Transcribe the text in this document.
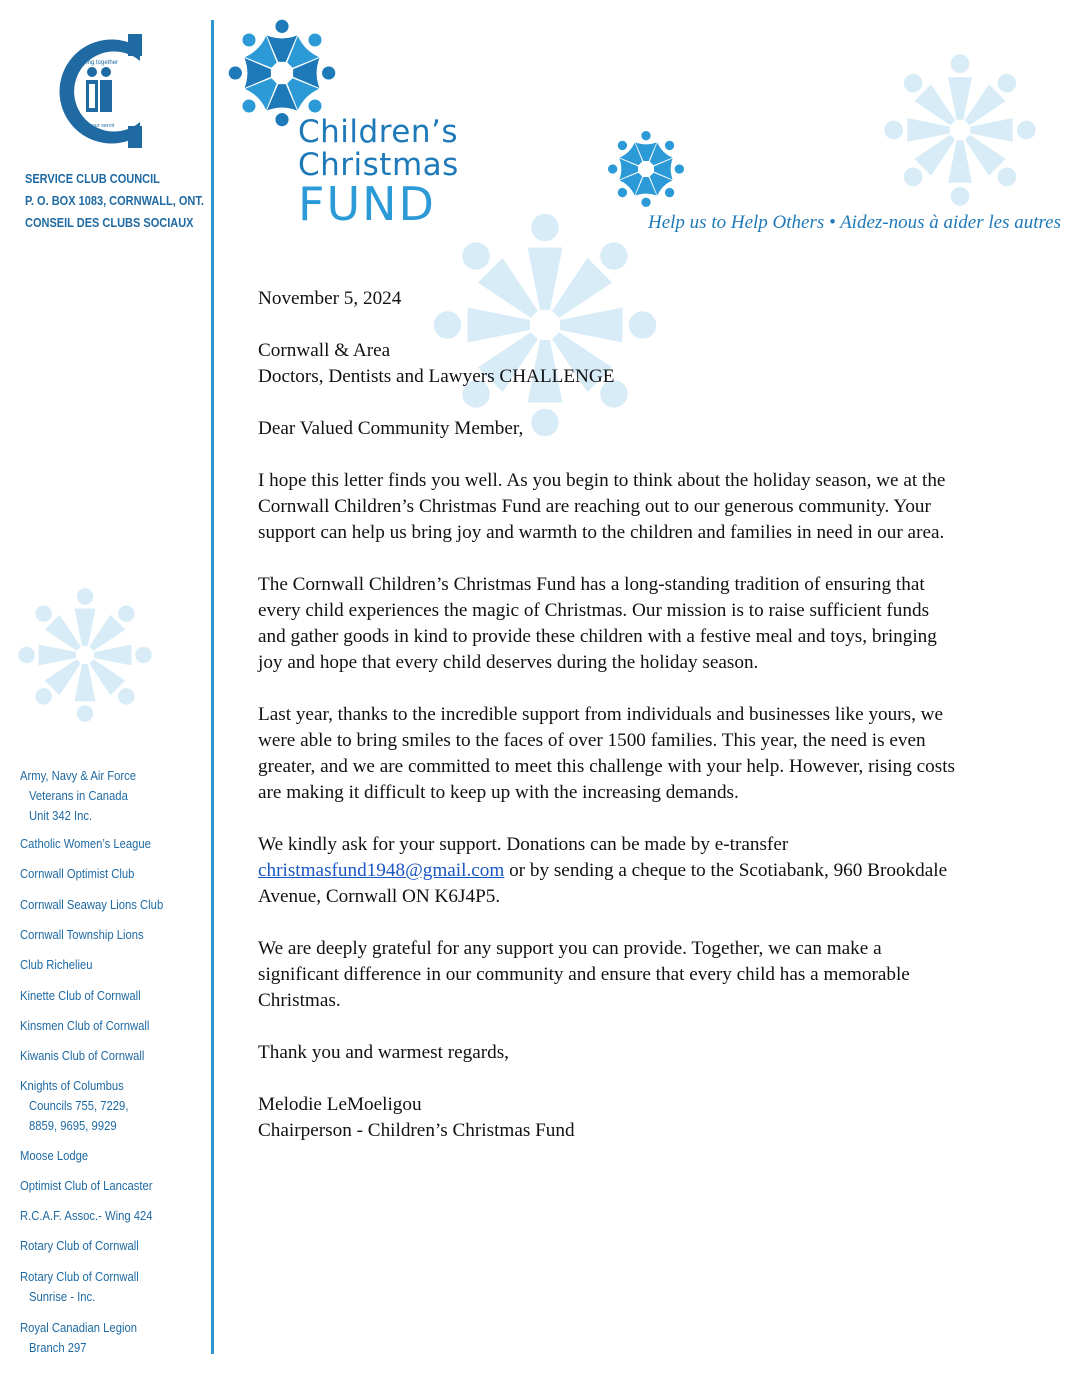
Serving together
Unis pour servir
SERVICE CLUB COUNCIL
P. O. BOX 1083, CORNWALL, ONT.
CONSEIL DES CLUBS SOCIAUX
Army, Navy & Air Force
Veterans in Canada
Unit 342 Inc.
Catholic Women’s League
Cornwall Optimist Club
Cornwall Seaway Lions Club
Cornwall Township Lions
Club Richelieu
Kinette Club of Cornwall
Kinsmen Club of Cornwall
Kiwanis Club of Cornwall
Knights of Columbus
Councils 755, 7229,
8859, 9695, 9929
Moose Lodge
Optimist Club of Lancaster
R.C.A.F. Assoc.- Wing 424
Rotary Club of Cornwall
Rotary Club of Cornwall
Sunrise - Inc.
Royal Canadian Legion
Branch 297
Children’s
Christmas
FUND	Help us to Help Others • Aidez-nous à aider les autres

November 5, 2024

Cornwall & Area
Doctors, Dentists and Lawyers CHALLENGE

Dear Valued Community Member,

I hope this letter finds you well. As you begin to think about the holiday season, we at the Cornwall Children’s Christmas Fund are reaching out to our generous community. Your support can help us bring joy and warmth to the children and families in need in our area.

The Cornwall Children’s Christmas Fund has a long-standing tradition of ensuring that every child experiences the magic of Christmas. Our mission is to raise sufficient funds and gather goods in kind to provide these children with a festive meal and toys, bringing joy and hope that every child deserves during the holiday season.

Last year, thanks to the incredible support from individuals and businesses like yours, we were able to bring smiles to the faces of over 1500 families. This year, the need is even greater, and we are committed to meet this challenge with your help. However, rising costs are making it difficult to keep up with the increasing demands.

We kindly ask for your support. Donations can be made by e-transfer
christmasfund1948@gmail.com or by sending a cheque to the Scotiabank, 960 Brookdale Avenue, Cornwall ON K6J4P5.

We are deeply grateful for any support you can provide. Together, we can make a significant difference in our community and ensure that every child has a memorable Christmas.

Thank you and warmest regards,

Melodie LeMoeligou

Chairperson - Children’s Christmas Fund
